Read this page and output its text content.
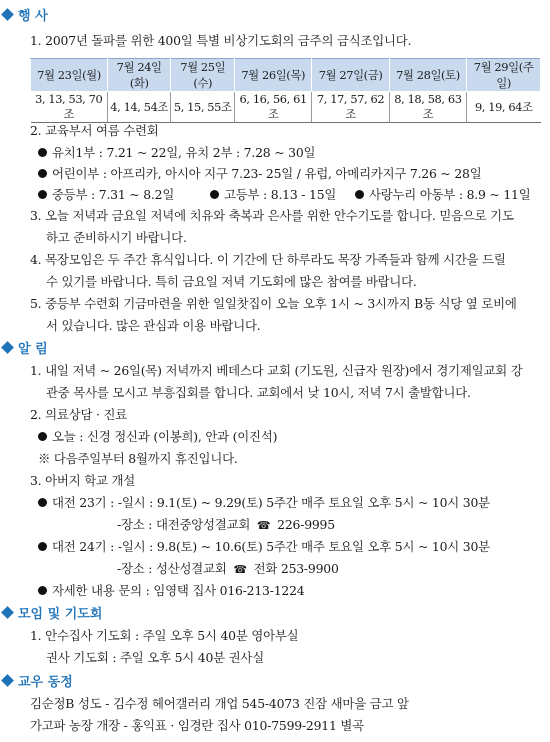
행 사
1. 2007년 돌파를 위한 400일 특별 비상기도회의 금주의 금식조입니다.
7월 23일(월)	7월 24일(화)	7월 25일(수)	7월 26일(목)	7월 27일(금)	7월 28일(토)	7월 29일(주일)
3, 13, 53, 70조	4, 14, 54조	5, 15, 55조	6, 16, 56, 61조	7, 17, 57, 62조	8, 18, 58, 63조	9, 19, 64조
2. 교육부서 여름 수련회
유치1부 : 7.21 ~ 22일, 유치 2부 : 7.28 ~ 30일
어린이부 : 아프리카, 아시아 지구 7.23- 25일 / 유럽, 아메리카지구 7.26 ~ 28일
중등부 : 7.31 ~ 8.2일	고등부 : 8.13 - 15일	사랑누리 아동부 : 8.9 ~ 11일
3. 오늘 저녁과 금요일 저녁에 치유와 축복과 은사를 위한 안수기도를 합니다. 믿음으로 기도
하고 준비하시기 바랍니다.
4. 목장모임은 두 주간 휴식입니다. 이 기간에 단 하루라도 목장 가족들과 함께 시간을 드릴
수 있기를 바랍니다. 특히 금요일 저녁 기도회에 많은 참여를 바랍니다.
5. 중등부 수련회 기금마련을 위한 일일찻집이 오늘 오후 1시 ~ 3시까지 B동 식당 옆 로비에
서 있습니다. 많은 관심과 이용 바랍니다.
알 림
1. 내일 저녁 ~ 26일(목) 저녁까지 베데스다 교회 (기도원, 신급자 원장)에서 경기제일교회 강
관중 목사를 모시고 부흥집회를 합니다. 교회에서 낮 10시, 저녁 7시 출발합니다.
2. 의료상담 · 진료
오늘 : 신경 정신과 (이봉희), 안과 (이진석)
※ 다음주일부터 8월까지 휴진입니다.
3. 아버지 학교 개설
대전 23기 : -일시 : 9.1(토) ~ 9.29(토) 5주간 매주 토요일 오후 5시 ~ 10시 30분
-장소 : 대전중앙성결교회 ☎ 226-9995
대전 24기 : -일시 : 9.8(토) ~ 10.6(토) 5주간 매주 토요일 오후 5시 ~ 10시 30분
-장소 : 성산성결교회 ☎ 전화 253-9900
자세한 내용 문의 : 임영택 집사 016-213-1224
모임 및 기도회
1. 안수집사 기도회 : 주일 오후 5시 40분 영아부실
권사 기도회 : 주일 오후 5시 40분 권사실
교우 동정
김순정B 성도 - 김수정 헤어갤러리 개업 545-4073 진잠 새마을 금고 앞
가고파 농장 개장 - 홍익표 · 임경란 집사 010-7599-2911 별곡
